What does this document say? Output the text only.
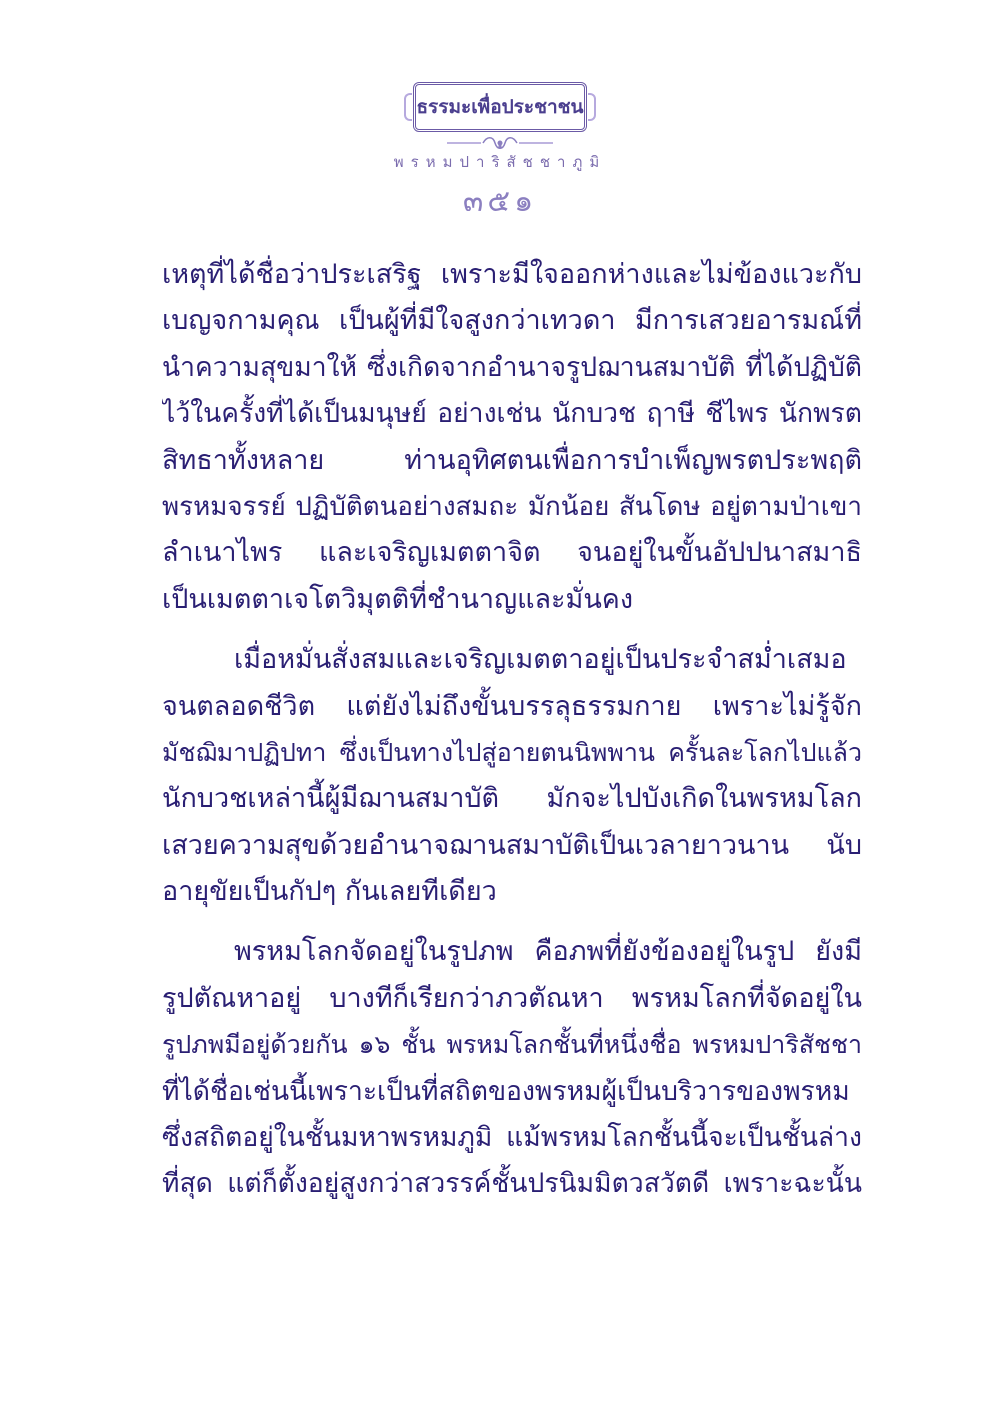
ธรรมะเพื่อประชาชน
พรหมปาริสัชชาภูมิ
๓๕๑
เหตุที่ได้ชื่อว่าประเสริฐ เพราะมีใจออกห่างและไม่ข้องแวะกับ
เบญจกามคุณ เป็นผู้ที่มีใจสูงกว่าเทวดา มีการเสวยอารมณ์ที่
นำความสุขมาให้ ซึ่งเกิดจากอำนาจรูปฌานสมาบัติ ที่ได้ปฏิบัติ
ไว้ในครั้งที่ได้เป็นมนุษย์ อย่างเช่น นักบวช ฤาษี ชีไพร นักพรต
สิทธาทั้งหลาย ท่านอุทิศตนเพื่อการบำเพ็ญพรตประพฤติ
พรหมจรรย์ ปฏิบัติตนอย่างสมถะ มักน้อย สันโดษ อยู่ตามป่าเขา
ลำเนาไพร และเจริญเมตตาจิต จนอยู่ในขั้นอัปปนาสมาธิ
เป็นเมตตาเจโตวิมุตติที่ชำนาญและมั่นคง
เมื่อหมั่นสั่งสมและเจริญเมตตาอยู่เป็นประจำสม่ำเสมอ
จนตลอดชีวิต แต่ยังไม่ถึงขั้นบรรลุธรรมกาย เพราะไม่รู้จัก
มัชฌิมาปฏิปทา ซึ่งเป็นทางไปสู่อายตนนิพพาน ครั้นละโลกไปแล้ว
นักบวชเหล่านี้ผู้มีฌานสมาบัติ มักจะไปบังเกิดในพรหมโลก
เสวยความสุขด้วยอำนาจฌานสมาบัติเป็นเวลายาวนาน นับ
อายุขัยเป็นกัปๆ กันเลยทีเดียว
พรหมโลกจัดอยู่ในรูปภพ คือภพที่ยังข้องอยู่ในรูป ยังมี
รูปตัณหาอยู่ บางทีก็เรียกว่าภวตัณหา พรหมโลกที่จัดอยู่ใน
รูปภพมีอยู่ด้วยกัน ๑๖ ชั้น พรหมโลกชั้นที่หนึ่งชื่อ พรหมปาริสัชชา
ที่ได้ชื่อเช่นนี้เพราะเป็นที่สถิตของพรหมผู้เป็นบริวารของพรหม
ซึ่งสถิตอยู่ในชั้นมหาพรหมภูมิ แม้พรหมโลกชั้นนี้จะเป็นชั้นล่าง
ที่สุด แต่ก็ตั้งอยู่สูงกว่าสวรรค์ชั้นปรนิมมิตวสวัตดี เพราะฉะนั้น
